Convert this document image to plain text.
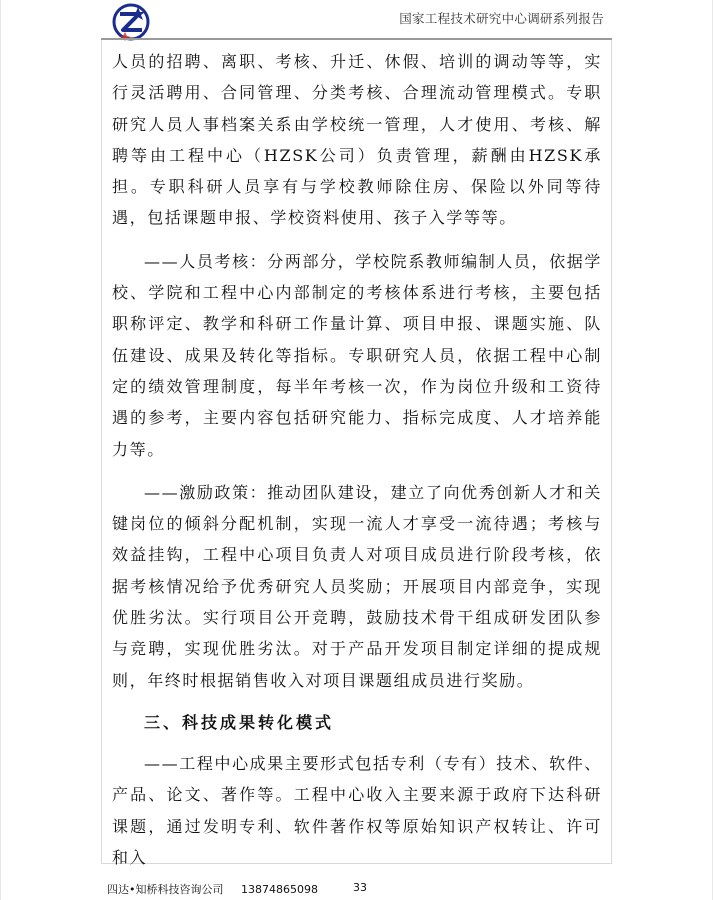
国家工程技术研究中心调研系列报告

人员的招聘、离职、考核、升迁、休假、培训的调动等等，实行灵活聘用、合同管理、分类考核、合理流动管理模式。专职研究人员人事档案关系由学校统一管理，人才使用、考核、解聘等由工程中心（HZSK公司）负责管理，薪酬由HZSK承担。专职科研人员享有与学校教师除住房、保险以外同等待遇，包括课题申报、学校资料使用、孩子入学等等。

——人员考核：分两部分，学校院系教师编制人员，依据学校、学院和工程中心内部制定的考核体系进行考核，主要包括职称评定、教学和科研工作量计算、项目申报、课题实施、队伍建设、成果及转化等指标。专职研究人员，依据工程中心制定的绩效管理制度，每半年考核一次，作为岗位升级和工资待遇的参考，主要内容包括研究能力、指标完成度、人才培养能力等。

——激励政策：推动团队建设，建立了向优秀创新人才和关键岗位的倾斜分配机制，实现一流人才享受一流待遇；考核与效益挂钩，工程中心项目负责人对项目成员进行阶段考核，依据考核情况给予优秀研究人员奖励；开展项目内部竞争，实现优胜劣汰。实行项目公开竞聘，鼓励技术骨干组成研发团队参与竞聘，实现优胜劣汰。对于产品开发项目制定详细的提成规则，年终时根据销售收入对项目课题组成员进行奖励。

三、科技成果转化模式

——工程中心成果主要形式包括专利（专有）技术、软件、产品、论文、著作等。工程中心收入主要来源于政府下达科研课题，通过发明专利、软件著作权等原始知识产权转让、许可和入

四达•知桥科技咨询公司 13874865098	33
